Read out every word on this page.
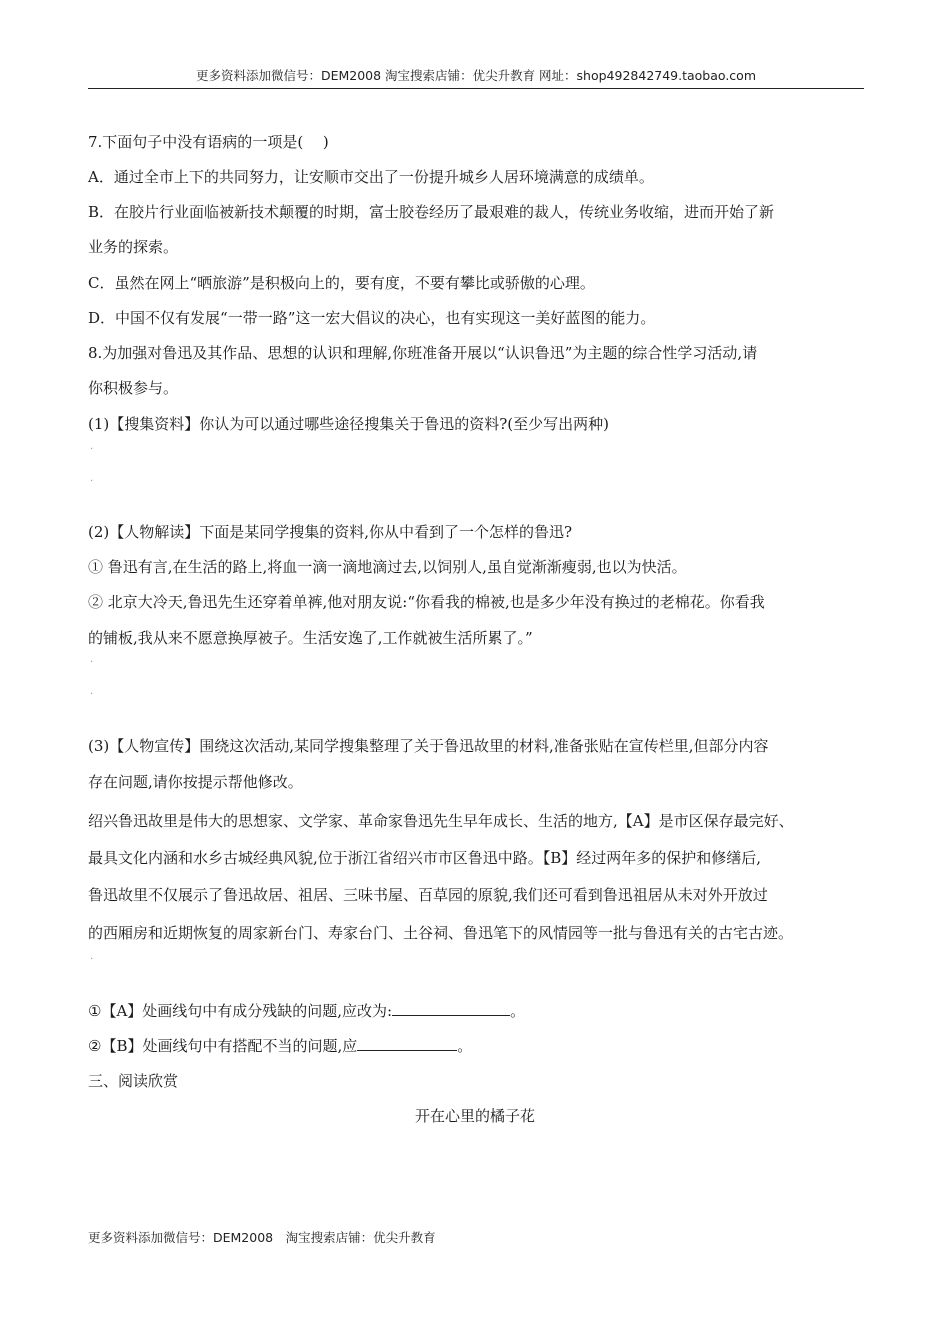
更多资料添加微信号：DEM2008 淘宝搜索店铺：优尖升教育 网址：shop492842749.taobao.com
7.下面句子中没有语病的一项是(　 )
A．通过全市上下的共同努力，让安顺市交出了一份提升城乡人居环境满意的成绩单。
B．在胶片行业面临被新技术颠覆的时期，富士胶卷经历了最艰难的裁人，传统业务收缩，进而开始了新
业务的探索。
C．虽然在网上“晒旅游”是积极向上的，要有度，不要有攀比或骄傲的心理。
D．中国不仅有发展“一带一路”这一宏大倡议的决心，也有实现这一美好蓝图的能力。
8.为加强对鲁迅及其作品、思想的认识和理解,你班准备开展以“认识鲁迅”为主题的综合性学习活动,请
你积极参与。
(1)【搜集资料】你认为可以通过哪些途径搜集关于鲁迅的资料?(至少写出两种)
·
·
(2)【人物解读】下面是某同学搜集的资料,你从中看到了一个怎样的鲁迅?
① 鲁迅有言,在生活的路上,将血一滴一滴地滴过去,以饲别人,虽自觉渐渐瘦弱,也以为快活。
② 北京大冷天,鲁迅先生还穿着单裤,他对朋友说:“你看我的棉被,也是多少年没有换过的老棉花。你看我
的铺板,我从来不愿意换厚被子。生活安逸了,工作就被生活所累了。”
·
·
(3)【人物宣传】围绕这次活动,某同学搜集整理了关于鲁迅故里的材料,准备张贴在宣传栏里,但部分内容
存在问题,请你按提示帮他修改。
绍兴鲁迅故里是伟大的思想家、文学家、革命家鲁迅先生早年成长、生活的地方,【A】是市区保存最完好、
最具文化内涵和水乡古城经典风貌,位于浙江省绍兴市市区鲁迅中路。【B】经过两年多的保护和修缮后,
鲁迅故里不仅展示了鲁迅故居、祖居、三味书屋、百草园的原貌,我们还可看到鲁迅祖居从未对外开放过
的西厢房和近期恢复的周家新台门、寿家台门、土谷祠、鲁迅笔下的风情园等一批与鲁迅有关的古宅古迹。
·
①【A】处画线句中有成分残缺的问题,应改为:	。
②【B】处画线句中有搭配不当的问题,应	。
三、阅读欣赏
开在心里的橘子花
更多资料添加微信号：DEM2008　淘宝搜索店铺：优尖升教育
